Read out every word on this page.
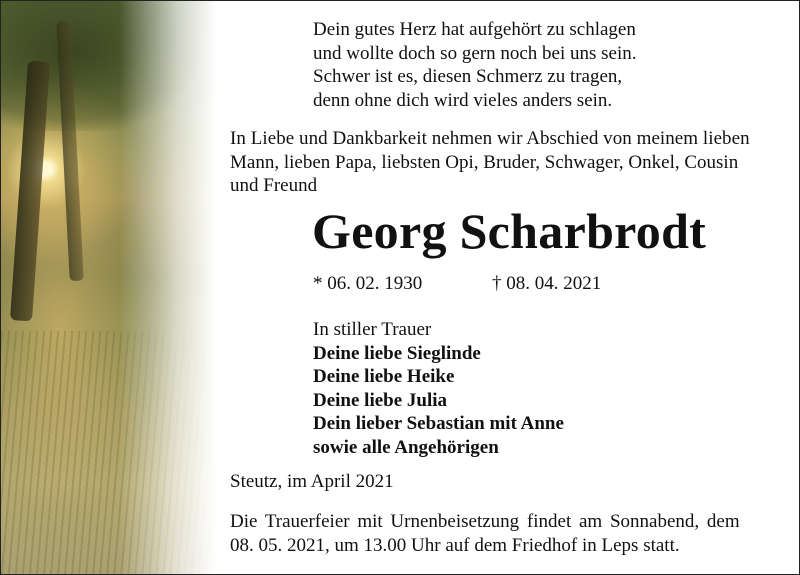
Dein gutes Herz hat aufgehört zu schlagen
und wollte doch so gern noch bei uns sein.
Schwer ist es, diesen Schmerz zu tragen,
denn ohne dich wird vieles anders sein.
In Liebe und Dankbarkeit nehmen wir Abschied von meinem lieben
Mann, lieben Papa, liebsten Opi, Bruder, Schwager, Onkel, Cousin
und Freund
Georg Scharbrodt
* 06. 02. 1930	† 08. 04. 2021
In stiller Trauer
Deine liebe Sieglinde
Deine liebe Heike
Deine liebe Julia
Dein lieber Sebastian mit Anne
sowie alle Angehörigen
Steutz, im April 2021
Die Trauerfeier mit Urnenbeisetzung findet am Sonnabend, dem
08. 05. 2021, um 13.00 Uhr auf dem Friedhof in Leps statt.
